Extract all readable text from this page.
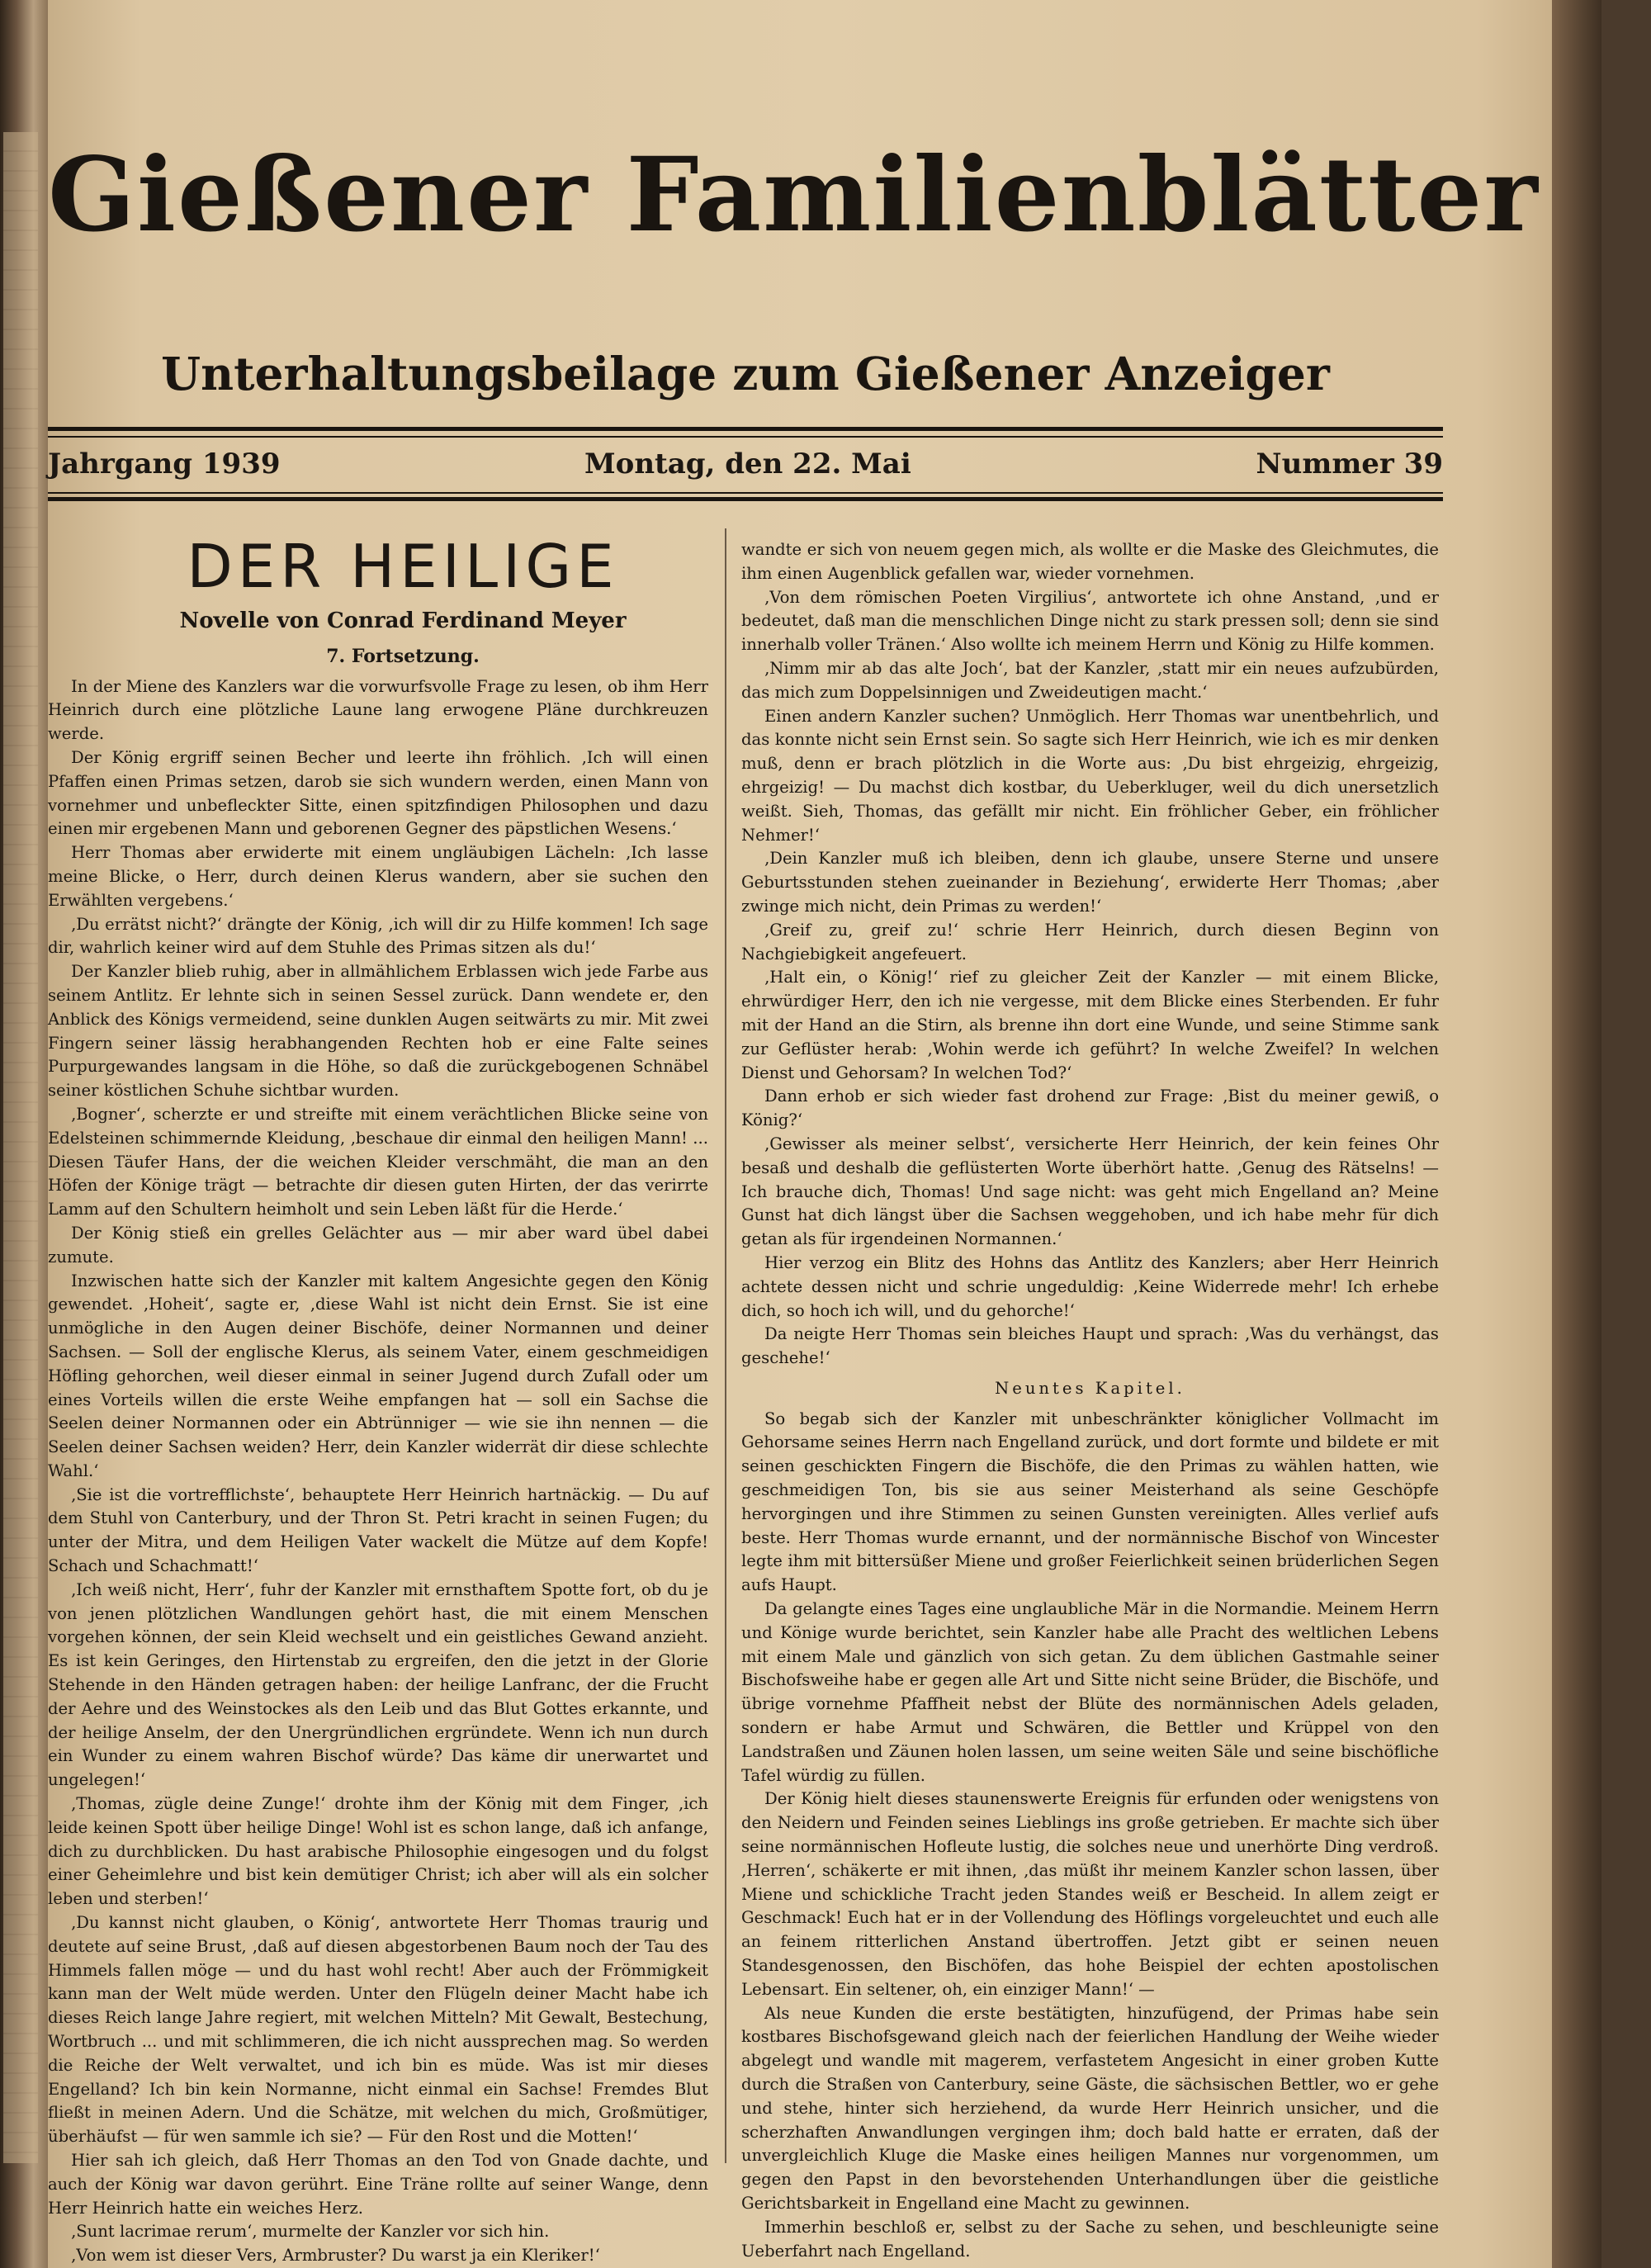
Gießener Familienblätter
Unterhaltungsbeilage zum Gießener Anzeiger
Jahrgang 1939	Montag, den 22. Mai	Nummer 39
DER HEILIGE
Novelle von Conrad Ferdinand Meyer
7. Fortsetzung.

In der Miene des Kanzlers war die vorwurfsvolle Frage zu lesen, ob ihm Herr Heinrich durch eine plötzliche Laune lang erwogene Pläne durchkreuzen werde.

Der König ergriff seinen Becher und leerte ihn fröhlich. ‚Ich will einen Pfaffen einen Primas setzen, darob sie sich wundern werden, einen Mann von vornehmer und unbefleckter Sitte, einen spitzfindigen Philosophen und dazu einen mir ergebenen Mann und geborenen Gegner des päpstlichen Wesens.‘

Herr Thomas aber erwiderte mit einem ungläubigen Lächeln: ‚Ich lasse meine Blicke, o Herr, durch deinen Klerus wandern, aber sie suchen den Erwählten vergebens.‘

‚Du errätst nicht?‘ drängte der König, ‚ich will dir zu Hilfe kommen! Ich sage dir, wahrlich keiner wird auf dem Stuhle des Primas sitzen als du!‘

Der Kanzler blieb ruhig, aber in allmählichem Erblassen wich jede Farbe aus seinem Antlitz. Er lehnte sich in seinen Sessel zurück. Dann wendete er, den Anblick des Königs vermeidend, seine dunklen Augen seitwärts zu mir. Mit zwei Fingern seiner lässig herabhangenden Rechten hob er eine Falte seines Purpurgewandes langsam in die Höhe, so daß die zurückgebogenen Schnäbel seiner köstlichen Schuhe sichtbar wurden.

‚Bogner‘, scherzte er und streifte mit einem verächtlichen Blicke seine von Edelsteinen schimmernde Kleidung, ‚beschaue dir einmal den heiligen Mann! ... Diesen Täufer Hans, der die weichen Kleider verschmäht, die man an den Höfen der Könige trägt — betrachte dir diesen guten Hirten, der das verirrte Lamm auf den Schultern heimholt und sein Leben läßt für die Herde.‘

Der König stieß ein grelles Gelächter aus — mir aber ward übel dabei zumute.

Inzwischen hatte sich der Kanzler mit kaltem Angesichte gegen den König gewendet. ‚Hoheit‘, sagte er, ‚diese Wahl ist nicht dein Ernst. Sie ist eine unmögliche in den Augen deiner Bischöfe, deiner Normannen und deiner Sachsen. — Soll der englische Klerus, als seinem Vater, einem geschmeidigen Höfling gehorchen, weil dieser einmal in seiner Jugend durch Zufall oder um eines Vorteils willen die erste Weihe empfangen hat — soll ein Sachse die Seelen deiner Normannen oder ein Abtrünniger — wie sie ihn nennen — die Seelen deiner Sachsen weiden? Herr, dein Kanzler widerrät dir diese schlechte Wahl.‘

‚Sie ist die vortrefflichste‘, behauptete Herr Heinrich hartnäckig. — Du auf dem Stuhl von Canterbury, und der Thron St. Petri kracht in seinen Fugen; du unter der Mitra, und dem Heiligen Vater wackelt die Mütze auf dem Kopfe! Schach und Schachmatt!‘

‚Ich weiß nicht, Herr‘, fuhr der Kanzler mit ernsthaftem Spotte fort, ob du je von jenen plötzlichen Wandlungen gehört hast, die mit einem Menschen vorgehen können, der sein Kleid wechselt und ein geistliches Gewand anzieht. Es ist kein Geringes, den Hirtenstab zu ergreifen, den die jetzt in der Glorie Stehende in den Händen getragen haben: der heilige Lanfranc, der die Frucht der Aehre und des Weinstockes als den Leib und das Blut Gottes erkannte, und der heilige Anselm, der den Unergründlichen ergründete. Wenn ich nun durch ein Wunder zu einem wahren Bischof würde? Das käme dir unerwartet und ungelegen!‘

‚Thomas, zügle deine Zunge!‘ drohte ihm der König mit dem Finger, ‚ich leide keinen Spott über heilige Dinge! Wohl ist es schon lange, daß ich anfange, dich zu durchblicken. Du hast arabische Philosophie eingesogen und du folgst einer Geheimlehre und bist kein demütiger Christ; ich aber will als ein solcher leben und sterben!‘

‚Du kannst nicht glauben, o König‘, antwortete Herr Thomas traurig und deutete auf seine Brust, ‚daß auf diesen abgestorbenen Baum noch der Tau des Himmels fallen möge — und du hast wohl recht! Aber auch der Frömmigkeit kann man der Welt müde werden. Unter den Flügeln deiner Macht habe ich dieses Reich lange Jahre regiert, mit welchen Mitteln? Mit Gewalt, Bestechung, Wortbruch ... und mit schlimmeren, die ich nicht aussprechen mag. So werden die Reiche der Welt verwaltet, und ich bin es müde. Was ist mir dieses Engelland? Ich bin kein Normanne, nicht einmal ein Sachse! Fremdes Blut fließt in meinen Adern. Und die Schätze, mit welchen du mich, Großmütiger, überhäufst — für wen sammle ich sie? — Für den Rost und die Motten!‘

Hier sah ich gleich, daß Herr Thomas an den Tod von Gnade dachte, und auch der König war davon gerührt. Eine Träne rollte auf seiner Wange, denn Herr Heinrich hatte ein weiches Herz.

‚Sunt lacrimae rerum‘, murmelte der Kanzler vor sich hin.

‚Von wem ist dieser Vers, Armbruster? Du warst ja ein Kleriker!‘

wandte er sich von neuem gegen mich, als wollte er die Maske des Gleichmutes, die ihm einen Augenblick gefallen war, wieder vornehmen.

‚Von dem römischen Poeten Virgilius‘, antwortete ich ohne Anstand, ‚und er bedeutet, daß man die menschlichen Dinge nicht zu stark pressen soll; denn sie sind innerhalb voller Tränen.‘ Also wollte ich meinem Herrn und König zu Hilfe kommen.

‚Nimm mir ab das alte Joch‘, bat der Kanzler, ‚statt mir ein neues aufzubürden, das mich zum Doppelsinnigen und Zweideutigen macht.‘

Einen andern Kanzler suchen? Unmöglich. Herr Thomas war unentbehrlich, und das konnte nicht sein Ernst sein. So sagte sich Herr Heinrich, wie ich es mir denken muß, denn er brach plötzlich in die Worte aus: ‚Du bist ehrgeizig, ehrgeizig, ehrgeizig! — Du machst dich kostbar, du Ueberkluger, weil du dich unersetzlich weißt. Sieh, Thomas, das gefällt mir nicht. Ein fröhlicher Geber, ein fröhlicher Nehmer!‘

‚Dein Kanzler muß ich bleiben, denn ich glaube, unsere Sterne und unsere Geburtsstunden stehen zueinander in Beziehung‘, erwiderte Herr Thomas; ‚aber zwinge mich nicht, dein Primas zu werden!‘

‚Greif zu, greif zu!‘ schrie Herr Heinrich, durch diesen Beginn von Nachgiebigkeit angefeuert.

‚Halt ein, o König!‘ rief zu gleicher Zeit der Kanzler — mit einem Blicke, ehrwürdiger Herr, den ich nie vergesse, mit dem Blicke eines Sterbenden. Er fuhr mit der Hand an die Stirn, als brenne ihn dort eine Wunde, und seine Stimme sank zur Geflüster herab: ‚Wohin werde ich geführt? In welche Zweifel? In welchen Dienst und Gehorsam? In welchen Tod?‘

Dann erhob er sich wieder fast drohend zur Frage: ‚Bist du meiner gewiß, o König?‘

‚Gewisser als meiner selbst‘, versicherte Herr Heinrich, der kein feines Ohr besaß und deshalb die geflüsterten Worte überhört hatte. ‚Genug des Rätselns! — Ich brauche dich, Thomas! Und sage nicht: was geht mich Engelland an? Meine Gunst hat dich längst über die Sachsen weggehoben, und ich habe mehr für dich getan als für irgendeinen Normannen.‘

Hier verzog ein Blitz des Hohns das Antlitz des Kanzlers; aber Herr Heinrich achtete dessen nicht und schrie ungeduldig: ‚Keine Widerrede mehr! Ich erhebe dich, so hoch ich will, und du gehorche!‘

Da neigte Herr Thomas sein bleiches Haupt und sprach: ‚Was du verhängst, das geschehe!‘

Neuntes Kapitel.

So begab sich der Kanzler mit unbeschränkter königlicher Vollmacht im Gehorsame seines Herrn nach Engelland zurück, und dort formte und bildete er mit seinen geschickten Fingern die Bischöfe, die den Primas zu wählen hatten, wie geschmeidigen Ton, bis sie aus seiner Meisterhand als seine Geschöpfe hervorgingen und ihre Stimmen zu seinen Gunsten vereinigten. Alles verlief aufs beste. Herr Thomas wurde ernannt, und der normännische Bischof von Wincester legte ihm mit bittersüßer Miene und großer Feierlichkeit seinen brüderlichen Segen aufs Haupt.

Da gelangte eines Tages eine unglaubliche Mär in die Normandie. Meinem Herrn und Könige wurde berichtet, sein Kanzler habe alle Pracht des weltlichen Lebens mit einem Male und gänzlich von sich getan. Zu dem üblichen Gastmahle seiner Bischofsweihe habe er gegen alle Art und Sitte nicht seine Brüder, die Bischöfe, und übrige vornehme Pfaffheit nebst der Blüte des normännischen Adels geladen, sondern er habe Armut und Schwären, die Bettler und Krüppel von den Landstraßen und Zäunen holen lassen, um seine weiten Säle und seine bischöfliche Tafel würdig zu füllen.

Der König hielt dieses staunenswerte Ereignis für erfunden oder wenigstens von den Neidern und Feinden seines Lieblings ins große getrieben. Er machte sich über seine normännischen Hofleute lustig, die solches neue und unerhörte Ding verdroß. ‚Herren‘, schäkerte er mit ihnen, ‚das müßt ihr meinem Kanzler schon lassen, über Miene und schickliche Tracht jeden Standes weiß er Bescheid. In allem zeigt er Geschmack! Euch hat er in der Vollendung des Höflings vorgeleuchtet und euch alle an feinem ritterlichen Anstand übertroffen. Jetzt gibt er seinen neuen Standesgenossen, den Bischöfen, das hohe Beispiel der echten apostolischen Lebensart. Ein seltener, oh, ein einziger Mann!‘ —

Als neue Kunden die erste bestätigten, hinzufügend, der Primas habe sein kostbares Bischofsgewand gleich nach der feierlichen Handlung der Weihe wieder abgelegt und wandle mit magerem, verfastetem Angesicht in einer groben Kutte durch die Straßen von Canterbury, seine Gäste, die sächsischen Bettler, wo er gehe und stehe, hinter sich herziehend, da wurde Herr Heinrich unsicher, und die scherzhaften Anwandlungen vergingen ihm; doch bald hatte er erraten, daß der unvergleichlich Kluge die Maske eines heiligen Mannes nur vorgenommen, um gegen den Papst in den bevorstehenden Unterhandlungen über die geistliche Gerichtsbarkeit in Engelland eine Macht zu gewinnen.

Immerhin beschloß er, selbst zu der Sache zu sehen, und beschleunigte seine Ueberfahrt nach Engelland.
